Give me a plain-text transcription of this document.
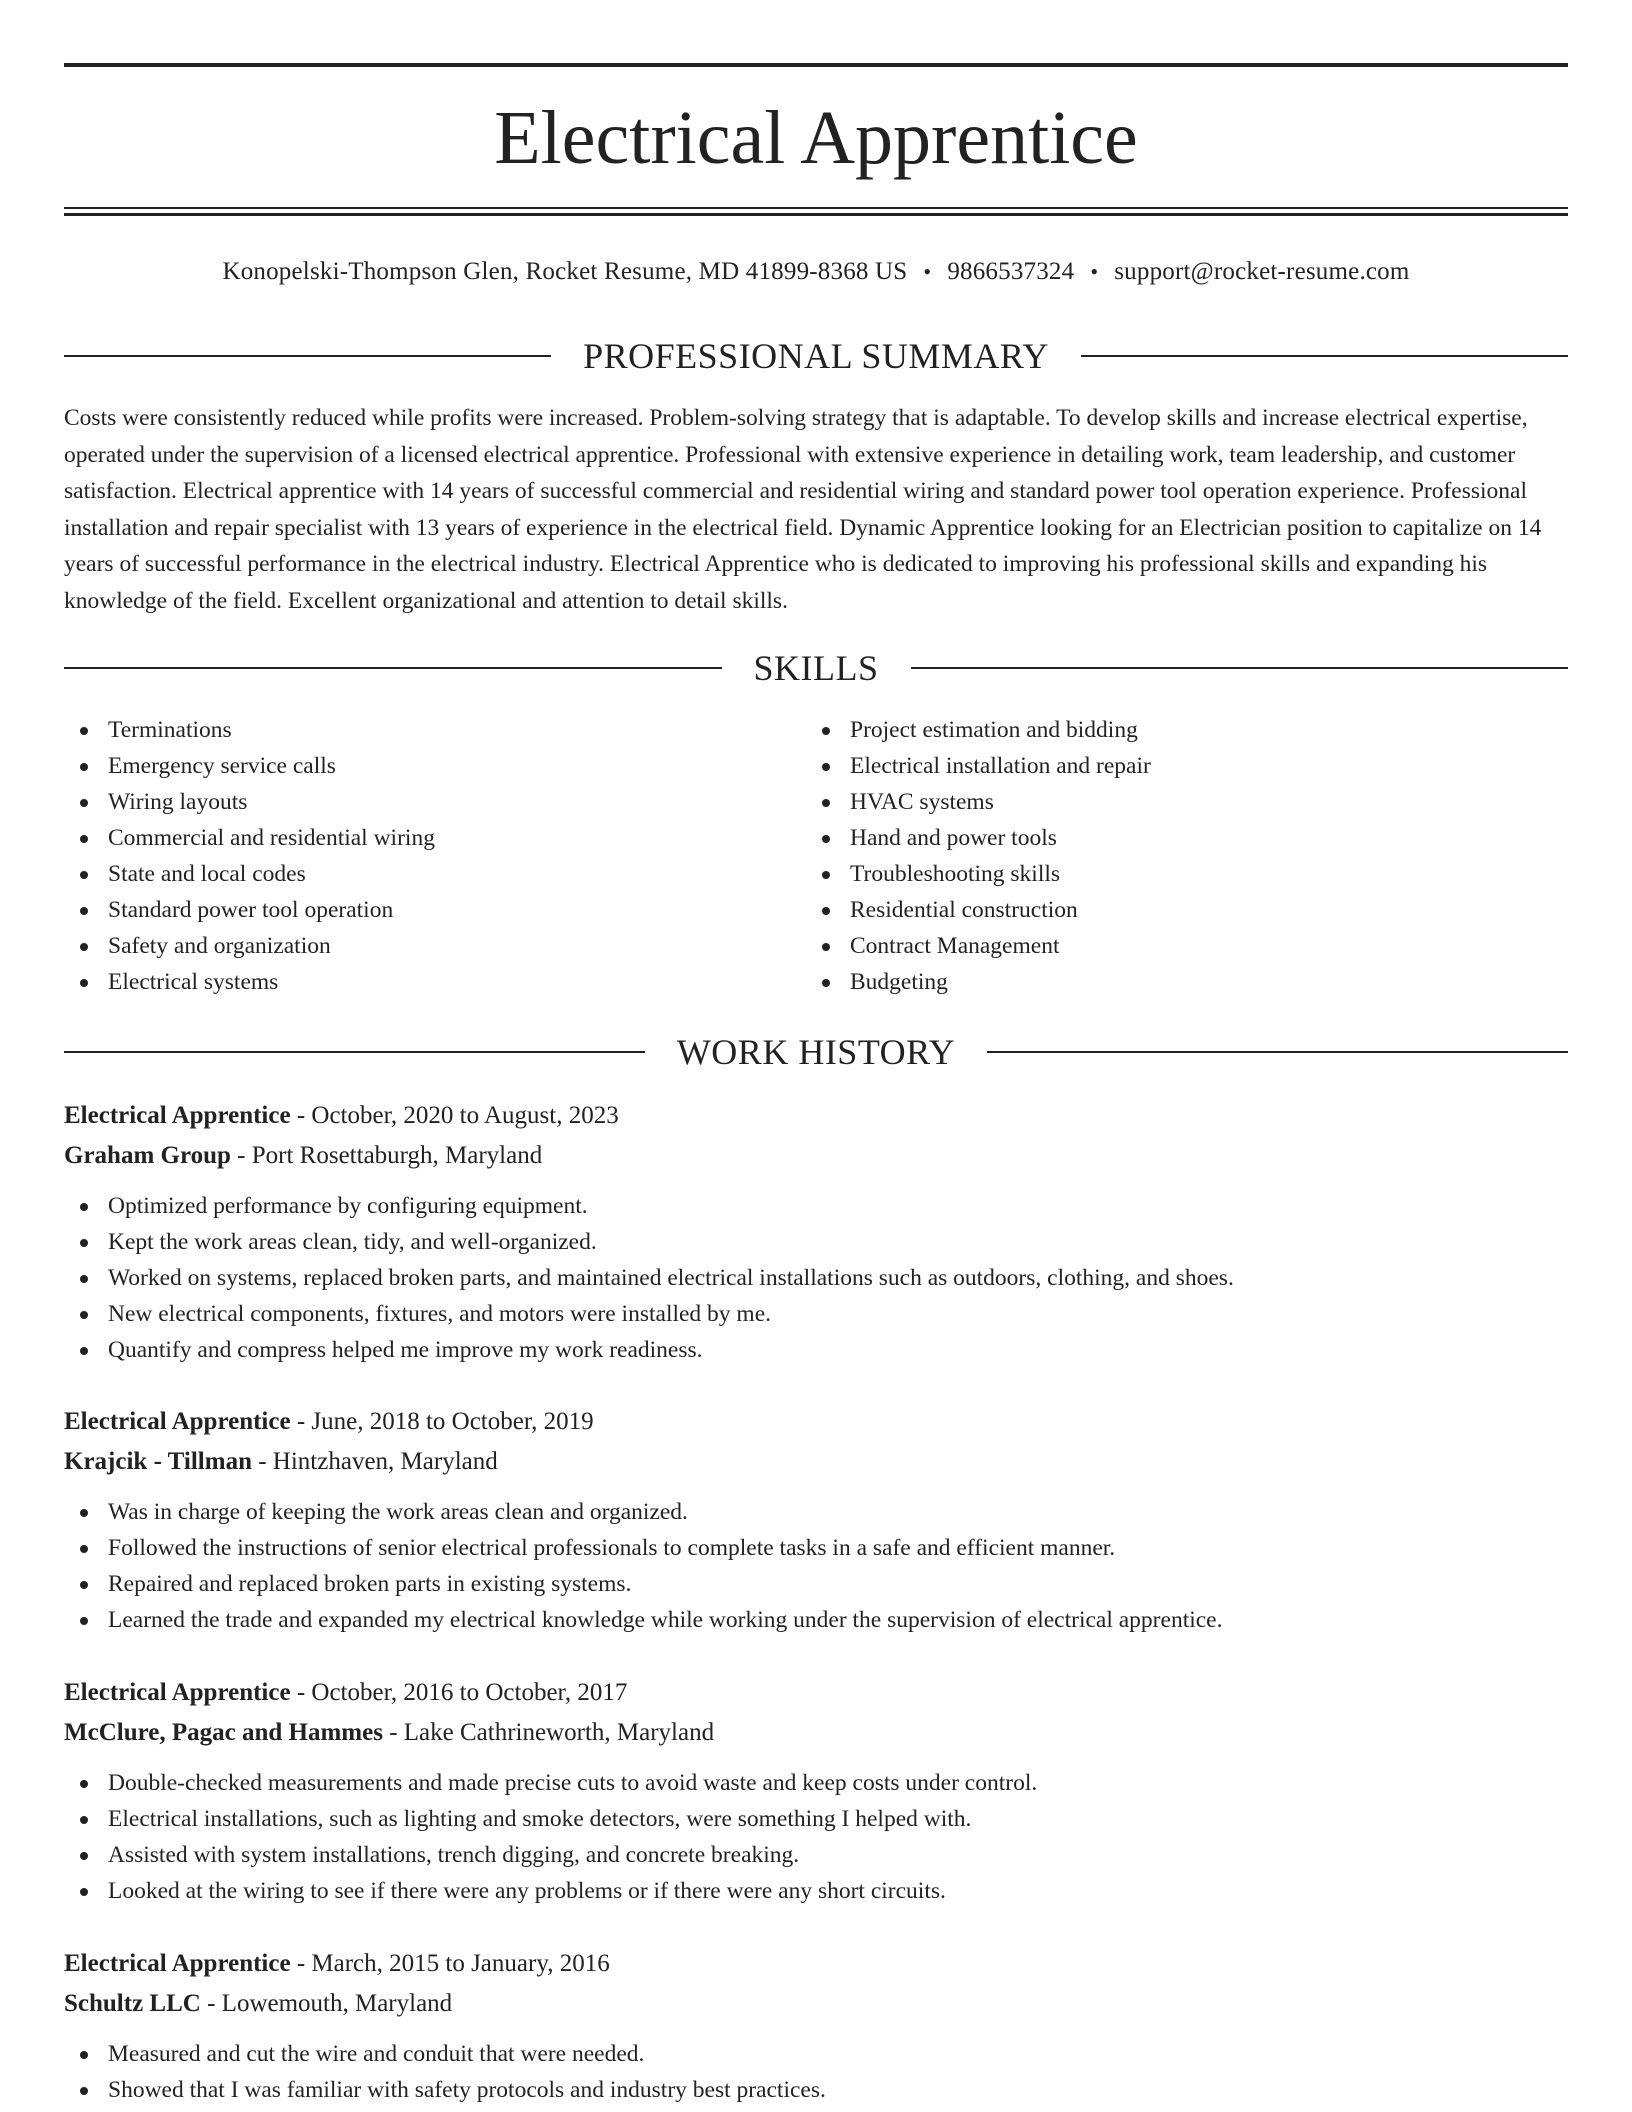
Electrical Apprentice
Konopelski-Thompson Glen, Rocket Resume, MD 41899-8368 US • 9866537324 • support@rocket-resume.com
PROFESSIONAL SUMMARY

Costs were consistently reduced while profits were increased. Problem-solving strategy that is adaptable. To develop skills and increase electrical expertise, operated under the supervision of a licensed electrical apprentice. Professional with extensive experience in detailing work, team leadership, and customer satisfaction. Electrical apprentice with 14 years of successful commercial and residential wiring and standard power tool operation experience. Professional installation and repair specialist with 13 years of experience in the electrical field. Dynamic Apprentice looking for an Electrician position to capitalize on 14 years of successful performance in the electrical industry. Electrical Apprentice who is dedicated to improving his professional skills and expanding his knowledge of the field. Excellent organizational and attention to detail skills.

SKILLS
Terminations
Emergency service calls
Wiring layouts
Commercial and residential wiring
State and local codes
Standard power tool operation
Safety and organization
Electrical systems
Project estimation and bidding
Electrical installation and repair
HVAC systems
Hand and power tools
Troubleshooting skills
Residential construction
Contract Management
Budgeting
WORK HISTORY
Electrical Apprentice - October, 2020 to August, 2023
Graham Group - Port Rosettaburgh, Maryland
Optimized performance by configuring equipment.
Kept the work areas clean, tidy, and well-organized.
Worked on systems, replaced broken parts, and maintained electrical installations such as outdoors, clothing, and shoes.
New electrical components, fixtures, and motors were installed by me.
Quantify and compress helped me improve my work readiness.
Electrical Apprentice - June, 2018 to October, 2019
Krajcik - Tillman - Hintzhaven, Maryland
Was in charge of keeping the work areas clean and organized.
Followed the instructions of senior electrical professionals to complete tasks in a safe and efficient manner.
Repaired and replaced broken parts in existing systems.
Learned the trade and expanded my electrical knowledge while working under the supervision of electrical apprentice.
Electrical Apprentice - October, 2016 to October, 2017
McClure, Pagac and Hammes - Lake Cathrineworth, Maryland
Double-checked measurements and made precise cuts to avoid waste and keep costs under control.
Electrical installations, such as lighting and smoke detectors, were something I helped with.
Assisted with system installations, trench digging, and concrete breaking.
Looked at the wiring to see if there were any problems or if there were any short circuits.
Electrical Apprentice - March, 2015 to January, 2016
Schultz LLC - Lowemouth, Maryland
Measured and cut the wire and conduit that were needed.
Showed that I was familiar with safety protocols and industry best practices.
